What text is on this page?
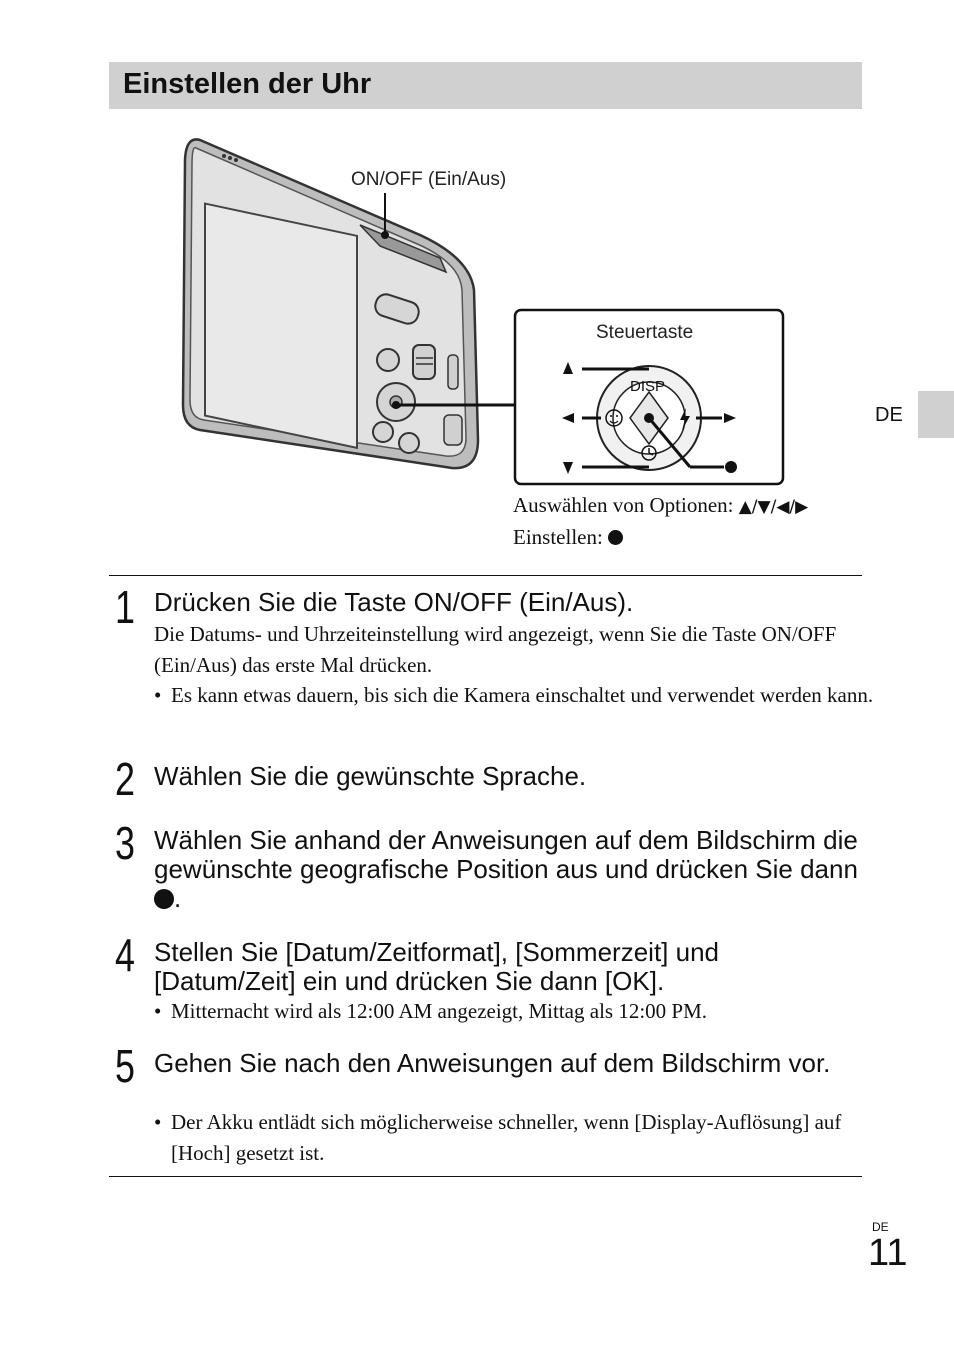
Einstellen der Uhr
DISP
ON/OFF (Ein/Aus)
Steuertaste
Auswählen von Optionen: ▲/▼/◀/▶
Einstellen:
DE
1 Drücken Sie die Taste ON/OFF (Ein/Aus).
Die Datums- und Uhrzeiteinstellung wird angezeigt, wenn Sie die Taste ON/OFF (Ein/Aus) das erste Mal drücken.
• Es kann etwas dauern, bis sich die Kamera einschaltet und verwendet werden kann.
2 Wählen Sie die gewünschte Sprache.
3 Wählen Sie anhand der Anweisungen auf dem Bildschirm die gewünschte geografische Position aus und drücken Sie dann .
4 Stellen Sie [Datum/Zeitformat], [Sommerzeit] und [Datum/Zeit] ein und drücken Sie dann [OK].
• Mitternacht wird als 12:00 AM angezeigt, Mittag als 12:00 PM.
5 Gehen Sie nach den Anweisungen auf dem Bildschirm vor.
• Der Akku entlädt sich möglicherweise schneller, wenn [Display-Auflösung] auf [Hoch] gesetzt ist.
DE
11
